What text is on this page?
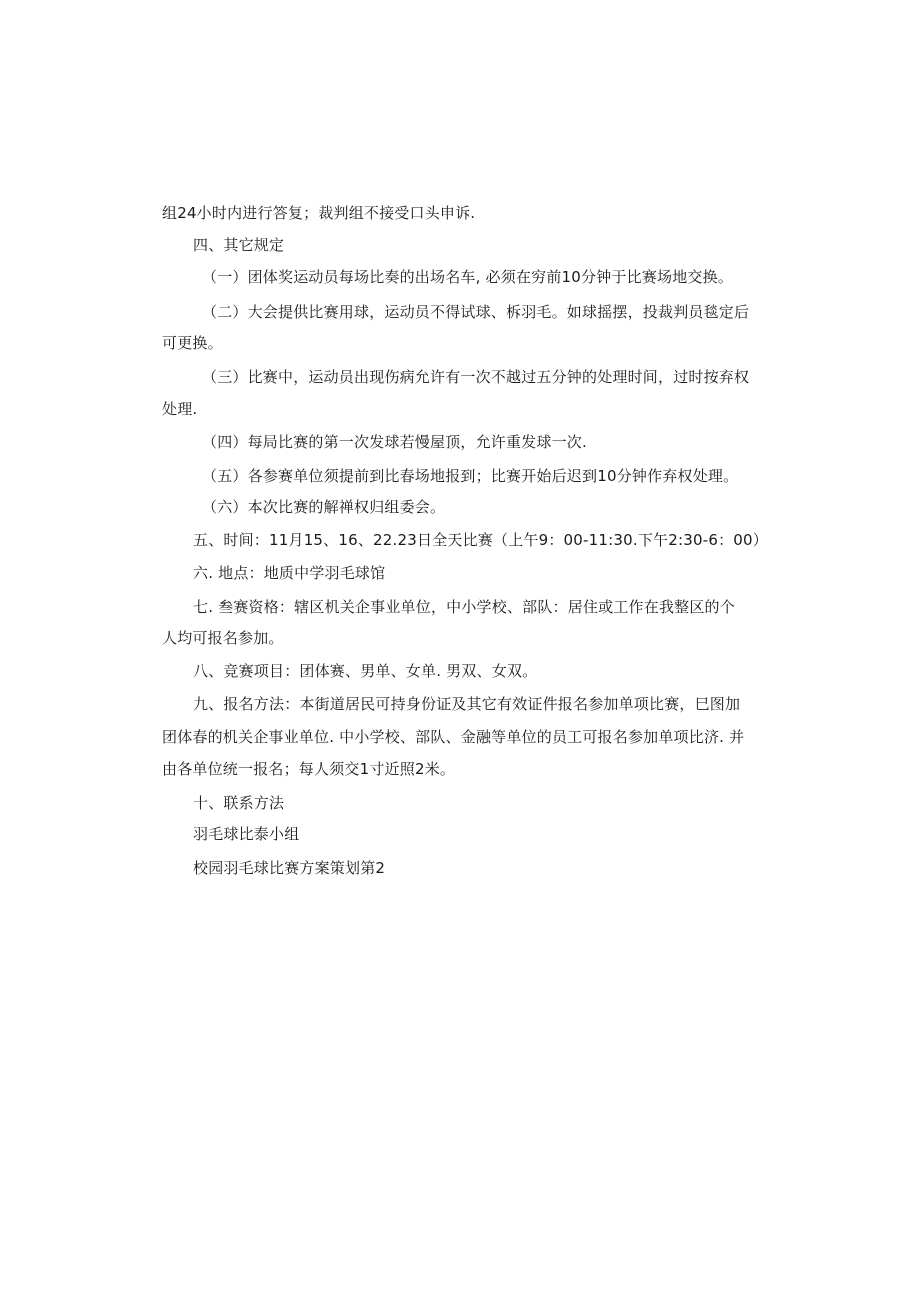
组24小时内进行答复；裁判组不接受口头申诉.
四、其它规定
（一）团体奖运动员每场比奏的出场名车, 必须在穷前10分钟于比赛场地交换。
（二）大会提供比赛用球，运动员不得试球、柝羽毛。如球摇摆，投裁判员毯定后
可更换。
（三）比赛中，运动员出现伤病允许有一次不越过五分钟的处理时间，过时按弃权
处理.
（四）每局比赛的第一次发球若慢屋顶，允许重发球一次.
（五）各参赛单位须提前到比春场地报到；比赛开始后迟到10分钟作弃权处理。
（六）本次比赛的解禅权归组委会。
五、时间：11月15、16、22.23日全天比赛（上午9：00-11:30.下午2:30-6：00）
六. 地点：地质中学羽毛球馆
七. 叁赛资格：辖区机关企事业单位，中小学校、部队：居住或工作在我整区的个
人均可报名参加。
八、竞赛项目：团体赛、男单、女单. 男双、女双。
九、报名方法：本街道居民可持身份证及其它有效证件报名参加单项比赛，巳图加
团体春的机关企事业单位. 中小学校、部队、金融等单位的员工可报名参加单项比济. 并
由各单位统一报名；每人须交1寸近照2米。
十、联系方法
羽毛球比泰小组
校园羽毛球比赛方案策划第2
